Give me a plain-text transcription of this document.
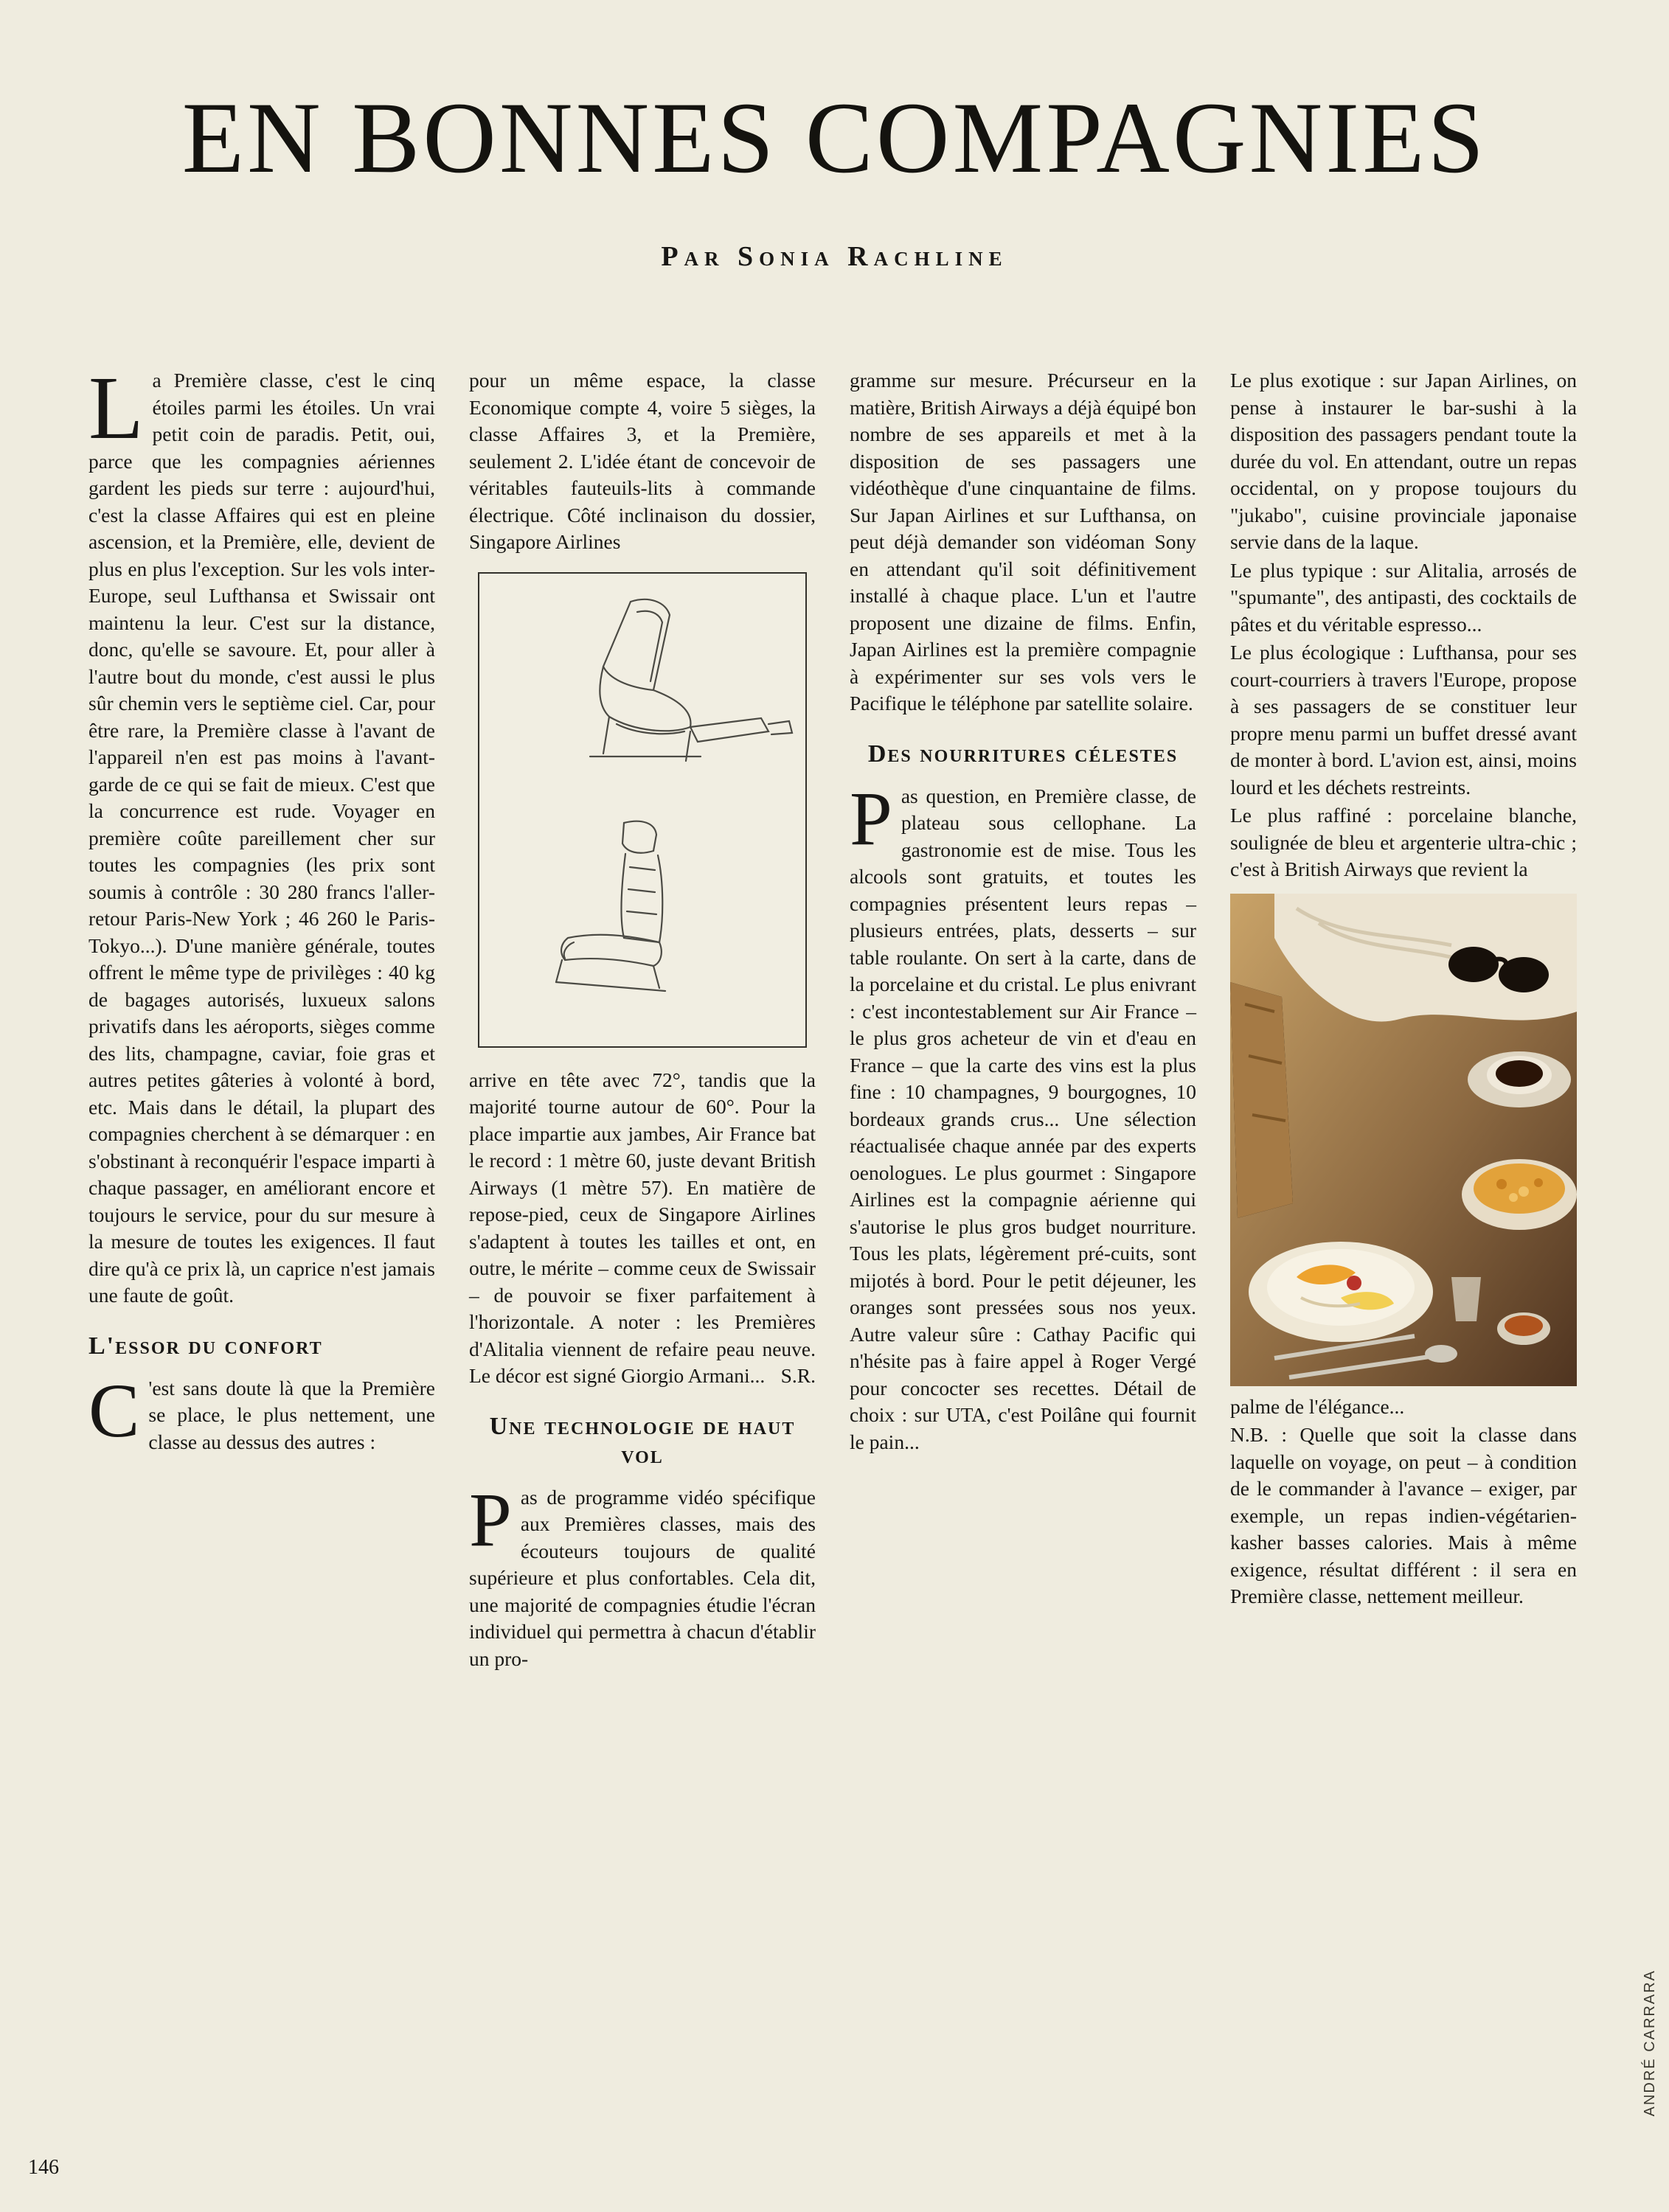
EN BONNES COMPAGNIES
Par Sonia Rachline

La Première classe, c'est le cinq étoiles parmi les étoiles. Un vrai petit coin de paradis. Petit, oui, parce que les compagnies aériennes gardent les pieds sur terre : aujourd'hui, c'est la classe Affaires qui est en pleine ascension, et la Première, elle, devient de plus en plus l'exception. Sur les vols inter-Europe, seul Lufthansa et Swissair ont maintenu la leur. C'est sur la distance, donc, qu'elle se savoure. Et, pour aller à l'autre bout du monde, c'est aussi le plus sûr chemin vers le septième ciel. Car, pour être rare, la Première classe à l'avant de l'appareil n'en est pas moins à l'avant-garde de ce qui se fait de mieux. C'est que la concurrence est rude. Voyager en première coûte pareillement cher sur toutes les compagnies (les prix sont soumis à contrôle : 30 280 francs l'aller-retour Paris-New York ; 46 260 le Paris-Tokyo...). D'une manière générale, toutes offrent le même type de privilèges : 40 kg de bagages autorisés, luxueux salons privatifs dans les aéroports, sièges comme des lits, champagne, caviar, foie gras et autres petites gâteries à volonté à bord, etc. Mais dans le détail, la plupart des compagnies cherchent à se démarquer : en s'obstinant à reconquérir l'espace imparti à chaque passager, en améliorant encore et toujours le service, pour du sur mesure à la mesure de toutes les exigences. Il faut dire qu'à ce prix là, un caprice n'est jamais une faute de goût.

L'essor du confort

C 'est sans doute là que la Première se place, le plus nettement, une classe au dessus des autres :

pour un même espace, la classe Economique compte 4, voire 5 sièges, la classe Affaires 3, et la Première, seulement 2. L'idée étant de concevoir de véritables fauteuils-lits à commande électrique. Côté inclinaison du dossier, Singapore Airlines

arrive en tête avec 72°, tandis que la majorité tourne autour de 60°. Pour la place impartie aux jambes, Air France bat le record : 1 mètre 60, juste devant British Airways (1 mètre 57). En matière de repose-pied, ceux de Singapore Airlines s'adaptent à toutes les tailles et ont, en outre, le mérite – comme ceux de Swissair – de pouvoir se fixer parfaitement à l'horizontale. A noter : les Premières d'Alitalia viennent de refaire peau neuve. Le décor est signé Giorgio Armani... S.R.

Une technologie de haut vol

Pas de programme vidéo spécifique aux Premières classes, mais des écouteurs toujours de qualité supérieure et plus confortables. Cela dit, une majorité de compagnies étudie l'écran individuel qui permettra à chacun d'établir un pro-

gramme sur mesure. Précurseur en la matière, British Airways a déjà équipé bon nombre de ses appareils et met à la disposition de ses passagers une vidéothèque d'une cinquantaine de films. Sur Japan Airlines et sur Lufthansa, on peut déjà demander son vidéoman Sony en attendant qu'il soit définitivement installé à chaque place. L'un et l'autre proposent une dizaine de films. Enfin, Japan Airlines est la première compagnie à expérimenter sur ses vols vers le Pacifique le téléphone par satellite solaire.

Des nourritures célestes

Pas question, en Première classe, de plateau sous cellophane. La gastronomie est de mise. Tous les alcools sont gratuits, et toutes les compagnies présentent leurs repas – plusieurs entrées, plats, desserts – sur table roulante. On sert à la carte, dans de la porcelaine et du cristal. Le plus enivrant : c'est incontestablement sur Air France – le plus gros acheteur de vin et d'eau en France – que la carte des vins est la plus fine : 10 champagnes, 9 bourgognes, 10 bordeaux grands crus... Une sélection réactualisée chaque année par des experts oenologues. Le plus gourmet : Singapore Airlines est la compagnie aérienne qui s'autorise le plus gros budget nourriture. Tous les plats, légèrement pré-cuits, sont mijotés à bord. Pour le petit déjeuner, les oranges sont pressées sous nos yeux. Autre valeur sûre : Cathay Pacific qui n'hésite pas à faire appel à Roger Vergé pour concocter ses recettes. Détail de choix : sur UTA, c'est Poilâne qui fournit le pain...

Le plus exotique : sur Japan Airlines, on pense à instaurer le bar-sushi à la disposition des passagers pendant toute la durée du vol. En attendant, outre un repas occidental, on y propose toujours du "jukabo", cuisine provinciale japonaise servie dans de la laque.

Le plus typique : sur Alitalia, arrosés de "spumante", des antipasti, des cocktails de pâtes et du véritable espresso...

Le plus écologique : Lufthansa, pour ses court-courriers à travers l'Europe, propose à ses passagers de se constituer leur propre menu parmi un buffet dressé avant de monter à bord. L'avion est, ainsi, moins lourd et les déchets restreints.

Le plus raffiné : porcelaine blanche, soulignée de bleu et argenterie ultra-chic ; c'est à British Airways que revient la

palme de l'élégance...

N.B. : Quelle que soit la classe dans laquelle on voyage, on peut – à condition de le commander à l'avance – exiger, par exemple, un repas indien-végétarien-kasher basses calories. Mais à même exigence, résultat différent : il sera en Première classe, nettement meilleur.

146
ANDRÉ CARRARA
